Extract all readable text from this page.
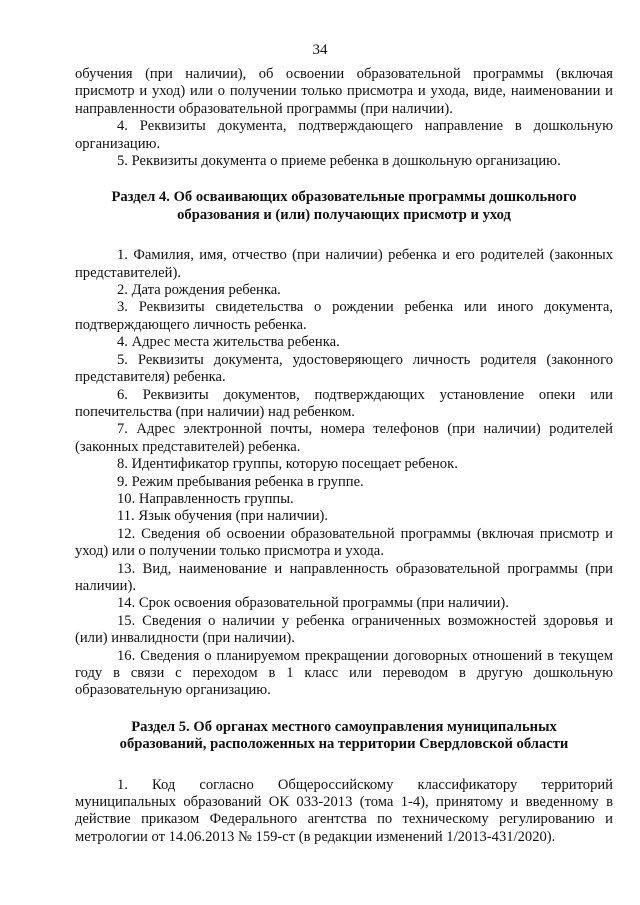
34

обучения (при наличии), об освоении образовательной программы (включая присмотр и уход) или о получении только присмотра и ухода, виде, наименовании и направленности образовательной программы (при наличии).

4. Реквизиты документа, подтверждающего направление в дошкольную организацию.

5. Реквизиты документа о приеме ребенка в дошкольную организацию.

Раздел 4. Об осваивающих образовательные программы дошкольного
образования и (или) получающих присмотр и уход

1. Фамилия, имя, отчество (при наличии) ребенка и его родителей (законных представителей).

2. Дата рождения ребенка.

3. Реквизиты свидетельства о рождении ребенка или иного документа, подтверждающего личность ребенка.

4. Адрес места жительства ребенка.

5. Реквизиты документа, удостоверяющего личность родителя (законного представителя) ребенка.

6. Реквизиты документов, подтверждающих установление опеки или попечительства (при наличии) над ребенком.

7. Адрес электронной почты, номера телефонов (при наличии) родителей (законных представителей) ребенка.

8. Идентификатор группы, которую посещает ребенок.

9. Режим пребывания ребенка в группе.

10. Направленность группы.

11. Язык обучения (при наличии).

12. Сведения об освоении образовательной программы (включая присмотр и уход) или о получении только присмотра и ухода.

13. Вид, наименование и направленность образовательной программы (при наличии).

14. Срок освоения образовательной программы (при наличии).

15. Сведения о наличии у ребенка ограниченных возможностей здоровья и (или) инвалидности (при наличии).

16. Сведения о планируемом прекращении договорных отношений в текущем году в связи с переходом в 1 класс или переводом в другую дошкольную образовательную организацию.

Раздел 5. Об органах местного самоуправления муниципальных
образований, расположенных на территории Свердловской области

1. Код согласно Общероссийскому классификатору территорий муниципальных образований ОК 033-2013 (тома 1-4), принятому и введенному в действие приказом Федерального агентства по техническому регулированию и метрологии от 14.06.2013 № 159-ст (в редакции изменений 1/2013-431/2020).
